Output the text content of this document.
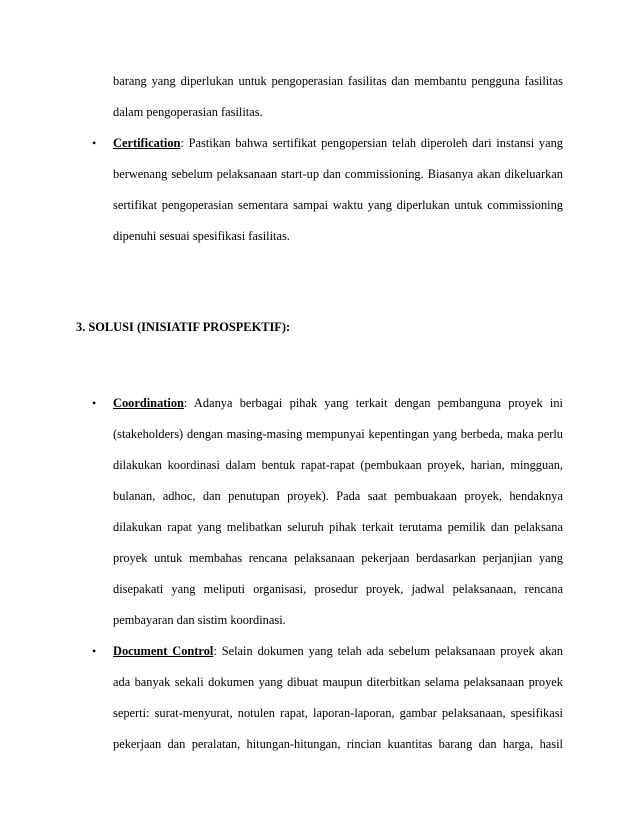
barang yang diperlukan untuk pengoperasian fasilitas dan membantu pengguna fasilitas
dalam pengoperasian fasilitas.
• Certification: Pastikan bahwa sertifikat pengopersian telah diperoleh dari instansi yang
berwenang sebelum pelaksanaan start-up dan commissioning. Biasanya akan dikeluarkan
sertifikat pengoperasian sementara sampai waktu yang diperlukan untuk commissioning
dipenuhi sesuai spesifikasi fasilitas.
3. SOLUSI (INISIATIF PROSPEKTIF):
• Coordination: Adanya berbagai pihak yang terkait dengan pembanguna proyek ini
(stakeholders) dengan masing-masing mempunyai kepentingan yang berbeda, maka perlu
dilakukan koordinasi dalam bentuk rapat-rapat (pembukaan proyek, harian, mingguan,
bulanan, adhoc, dan penutupan proyek). Pada saat pembuakaan proyek, hendaknya
dilakukan rapat yang melibatkan seluruh pihak terkait terutama pemilik dan pelaksana
proyek untuk membahas rencana pelaksanaan pekerjaan berdasarkan perjanjian yang
disepakati yang meliputi organisasi, prosedur proyek, jadwal pelaksanaan, rencana
pembayaran dan sistim koordinasi.
• Document Control: Selain dokumen yang telah ada sebelum pelaksanaan proyek akan
ada banyak sekali dokumen yang dibuat maupun diterbitkan selama pelaksanaan proyek
seperti: surat-menyurat, notulen rapat, laporan-laporan, gambar pelaksanaan, spesifikasi
pekerjaan dan peralatan, hitungan-hitungan, rincian kuantitas barang dan harga, hasil
